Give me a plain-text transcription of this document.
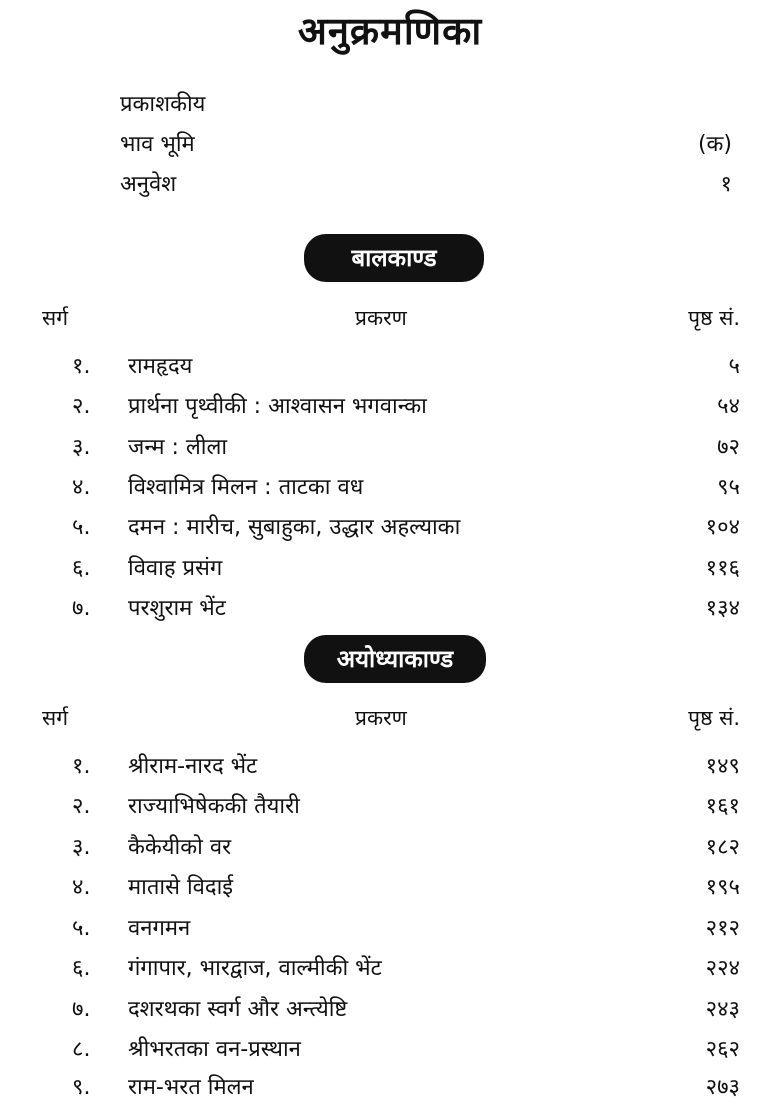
अनुक्रमणिका
प्रकाशकीय
भाव भूमि	(क)
अनुवेश	१
बालकाण्ड
सर्ग	प्रकरण	पृष्ठ सं.
१. रामहृदय	५
२. प्रार्थना पृथ्वीकी : आश्वासन भगवान्का	५४
३. जन्म : लीला	७२
४. विश्वामित्र मिलन : ताटका वध	९५
५. दमन : मारीच, सुबाहुका, उद्धार अहल्याका	१०४
६. विवाह प्रसंग	११६
७. परशुराम भेंट	१३४
अयोध्याकाण्ड
सर्ग	प्रकरण	पृष्ठ सं.
१. श्रीराम-नारद भेंट	१४९
२. राज्याभिषेककी तैयारी	१६१
३. कैकेयीको वर	१८२
४. मातासे विदाई	१९५
५. वनगमन	२१२
६. गंगापार, भारद्वाज, वाल्मीकी भेंट	२२४
७. दशरथका स्वर्ग और अन्त्येष्टि	२४३
८. श्रीभरतका वन-प्रस्थान	२६२
९. राम-भरत मिलन	२७३
